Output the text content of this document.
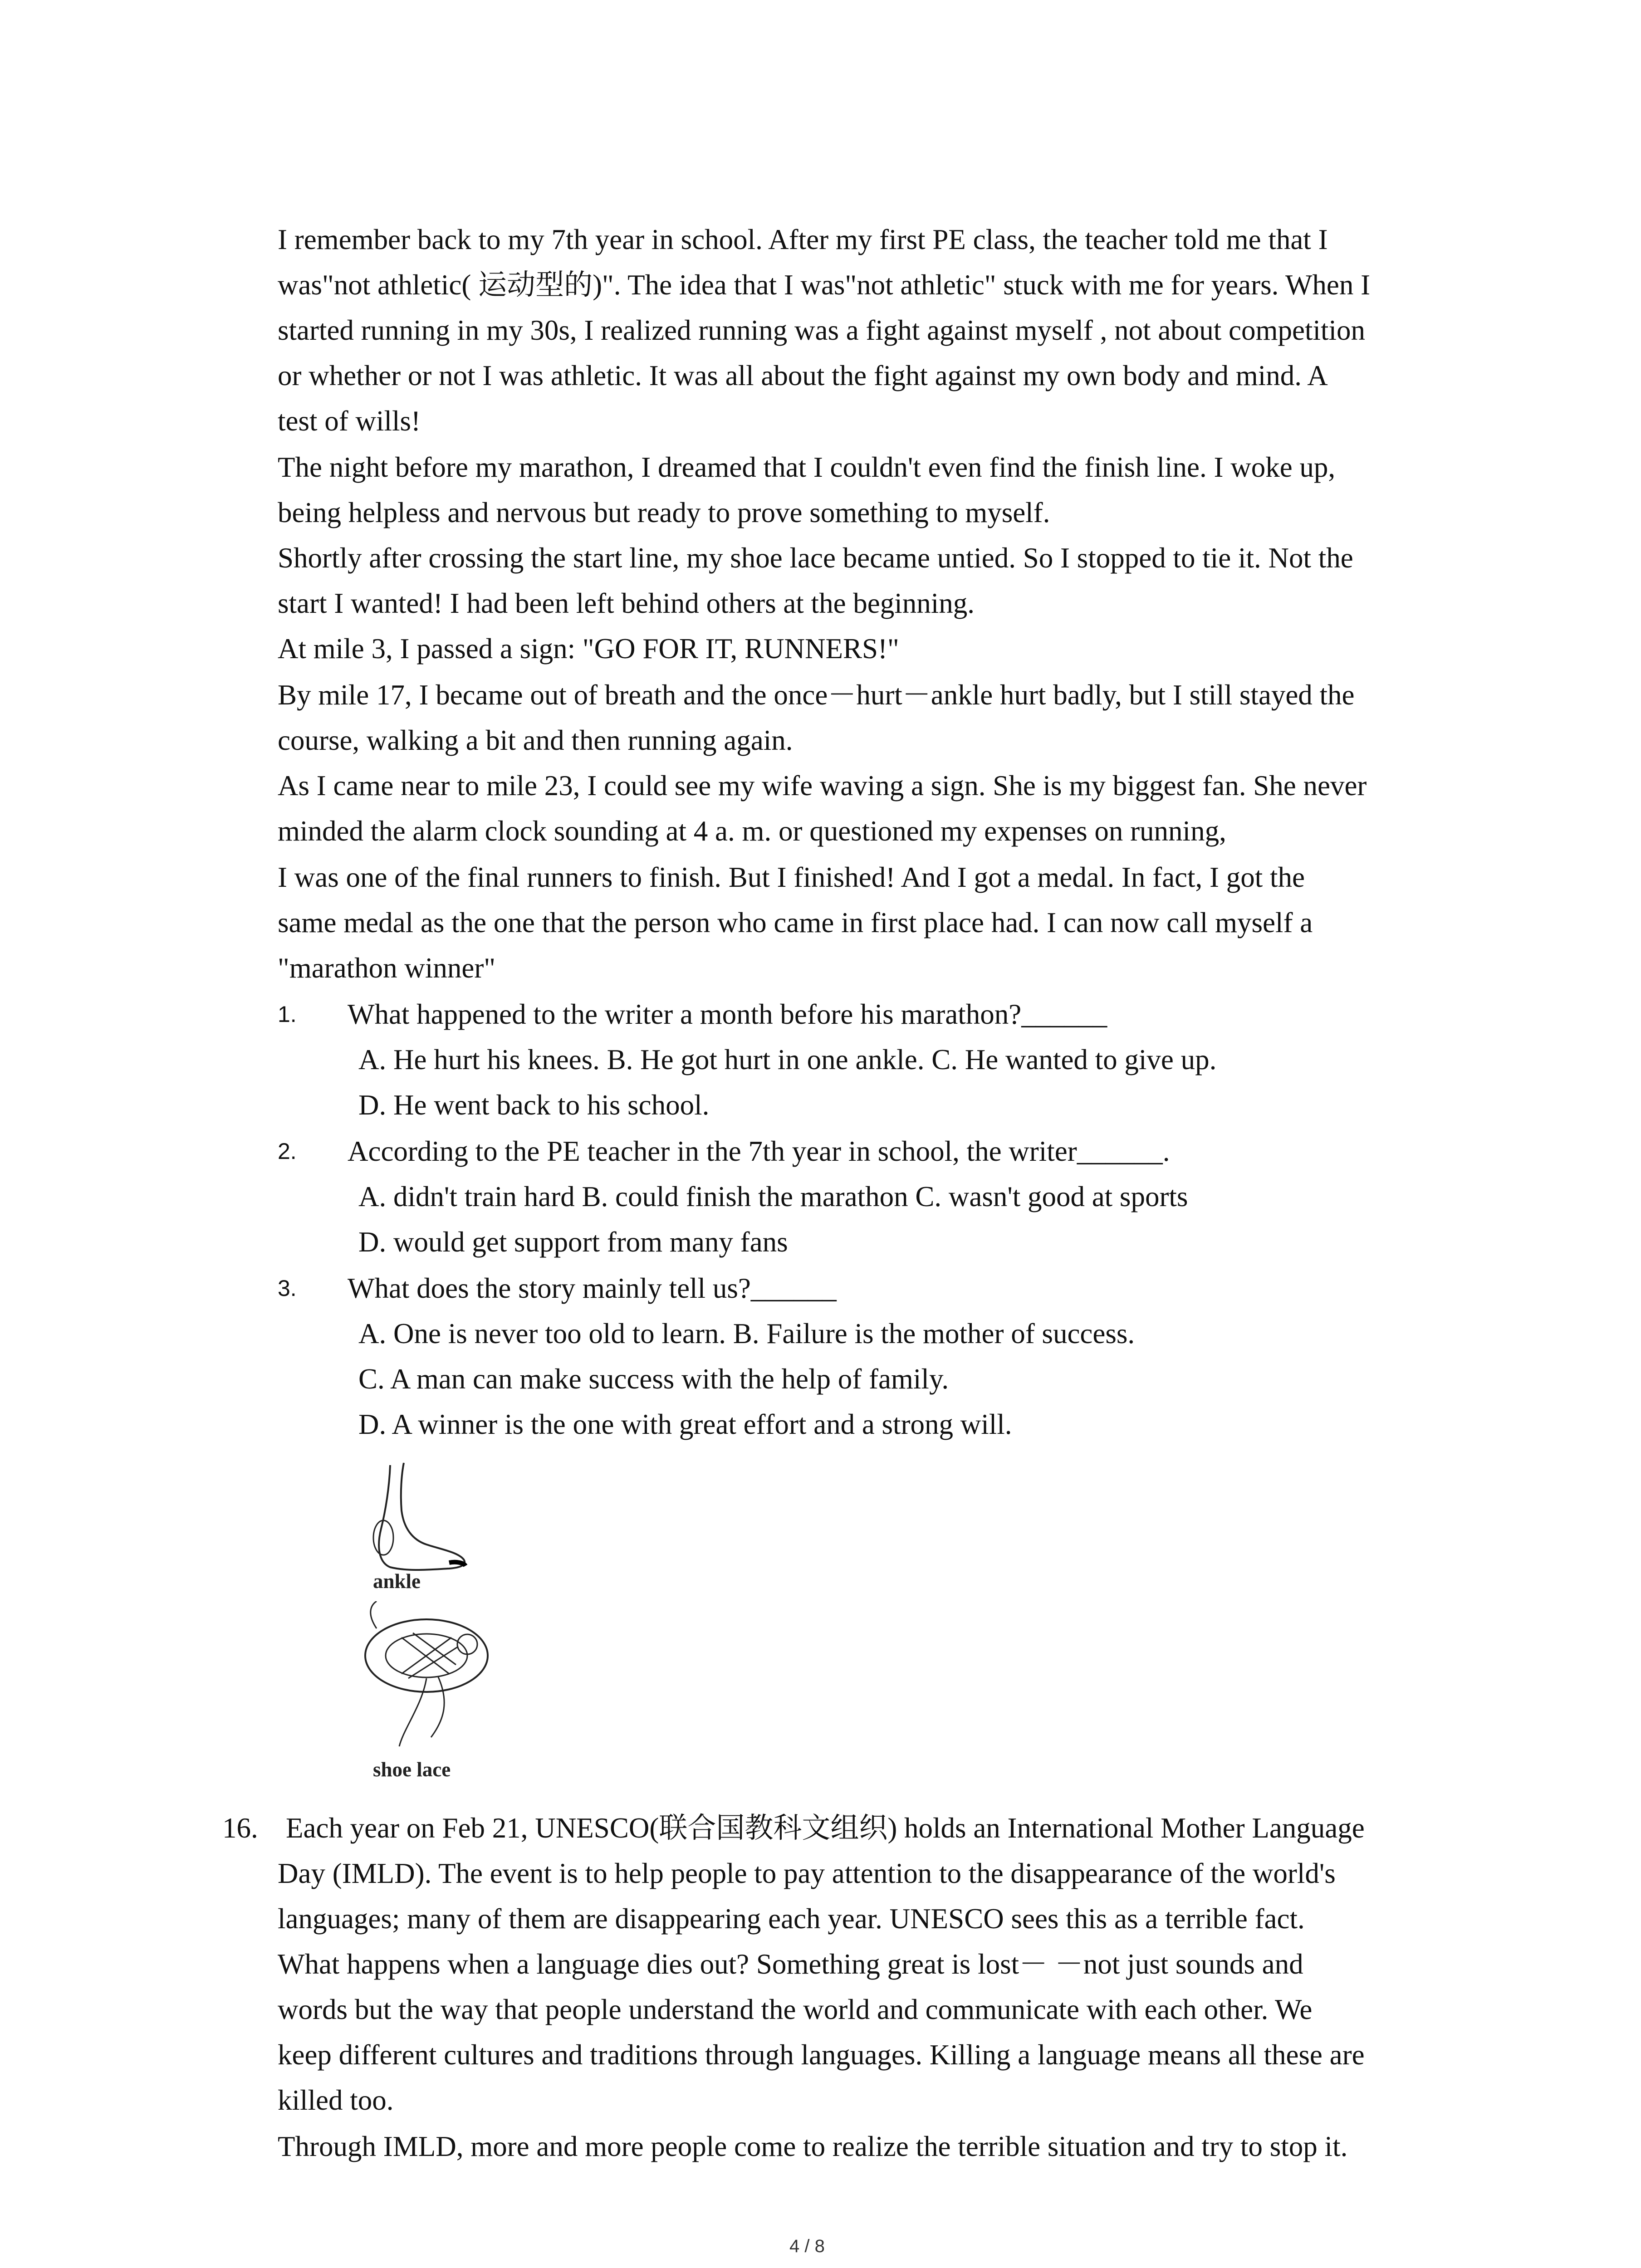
I remember back to my 7th year in school. After my first PE class, the teacher told me that I
was"not athletic( 运动型的)". The idea that I was"not athletic" stuck with me for years. When I
started running in my 30s, I realized running was a fight against myself , not about competition
or whether or not I was athletic. It was all about the fight against my own body and mind. A
test of wills!
The night before my marathon, I dreamed that I couldn't even find the finish line. I woke up,
being helpless and nervous but ready to prove something to myself.
Shortly after crossing the start line, my shoe lace became untied. So I stopped to tie it. Not the
start I wanted! I had been left behind others at the beginning.
At mile 3, I passed a sign: "GO FOR IT, RUNNERS!"
By mile 17, I became out of breath and the once－hurt－ankle hurt badly, but I still stayed the
course, walking a bit and then running again.
As I came near to mile 23, I could see my wife waving a sign. She is my biggest fan. She never
minded the alarm clock sounding at 4 a. m. or questioned my expenses on running,
I was one of the final runners to finish. But I finished! And I got a medal. In fact, I got the
same medal as the one that the person who came in first place had. I can now call myself a
"marathon winner"
1. What happened to the writer a month before his marathon?______
A. He hurt his knees. B. He got hurt in one ankle. C. He wanted to give up.
D. He went back to his school.
2. According to the PE teacher in the 7th year in school, the writer______.
A. didn't train hard B. could finish the marathon C. wasn't good at sports
D. would get support from many fans
3. What does the story mainly tell us?______
A. One is never too old to learn. B. Failure is the mother of success.
C. A man can make success with the help of family.
D. A winner is the one with great effort and a strong will.
ankle
shoe lace
16. Each year on Feb 21, UNESCO(联合国教科文组织) holds an International Mother Language
Day (IMLD). The event is to help people to pay attention to the disappearance of the world's
languages; many of them are disappearing each year. UNESCO sees this as a terrible fact.
What happens when a language dies out? Something great is lost－ －not just sounds and
words but the way that people understand the world and communicate with each other. We
keep different cultures and traditions through languages. Killing a language means all these are
killed too.
Through IMLD, more and more people come to realize the terrible situation and try to stop it.
4 / 8
